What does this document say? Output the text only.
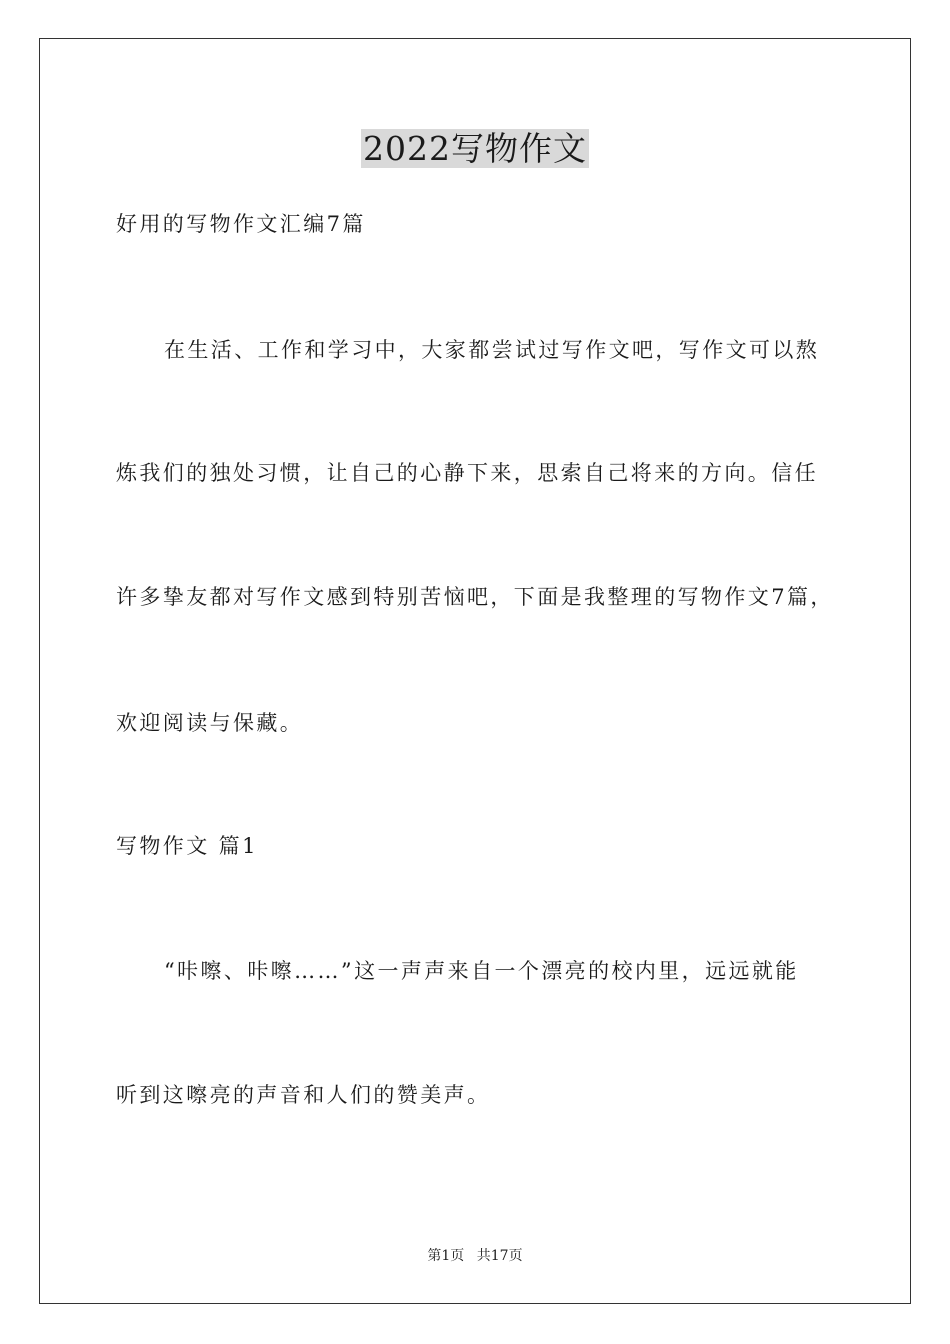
2022写物作文

好用的写物作文汇编7篇

在生活、工作和学习中，大家都尝试过写作文吧，写作文可以熬

炼我们的独处习惯，让自己的心静下来，思索自己将来的方向。信任

许多挚友都对写作文感到特别苦恼吧，下面是我整理的写物作文7篇，

欢迎阅读与保藏。

写物作文 篇1

“咔嚓、咔嚓……”这一声声来自一个漂亮的校内里，远远就能

听到这嚓亮的声音和人们的赞美声。

第1页 共17页
